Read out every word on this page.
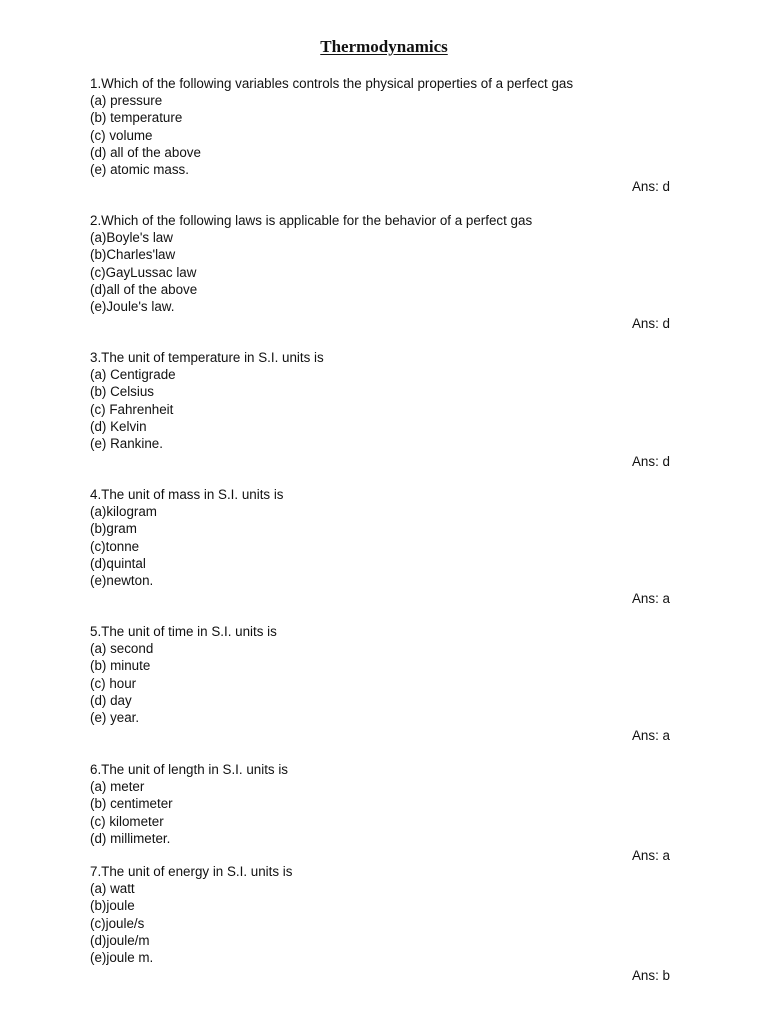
Thermodynamics
1.Which of the following variables controls the physical properties of a perfect gas
(a) pressure
(b) temperature
(c) volume
(d) all of the above
(e) atomic mass.
Ans: d
2.Which of the following laws is applicable for the behavior of a perfect gas
(a)Boyle's law
(b)Charles'law
(c)GayLussac law
(d)all of the above
(e)Joule's law.
Ans: d
3.The unit of temperature in S.I. units is
(a) Centigrade
(b) Celsius
(c) Fahrenheit
(d) Kelvin
(e) Rankine.
Ans: d
4.The unit of mass in S.I. units is
(a)kilogram
(b)gram
(c)tonne
(d)quintal
(e)newton.
Ans: a
5.The unit of time in S.I. units is
(a) second
(b) minute
(c) hour
(d) day
(e) year.
Ans: a
6.The unit of length in S.I. units is
(a) meter
(b) centimeter
(c) kilometer
(d) millimeter.
Ans: a
7.The unit of energy in S.I. units is
(a) watt
(b)joule
(c)joule/s
(d)joule/m
(e)joule m.
Ans: b
